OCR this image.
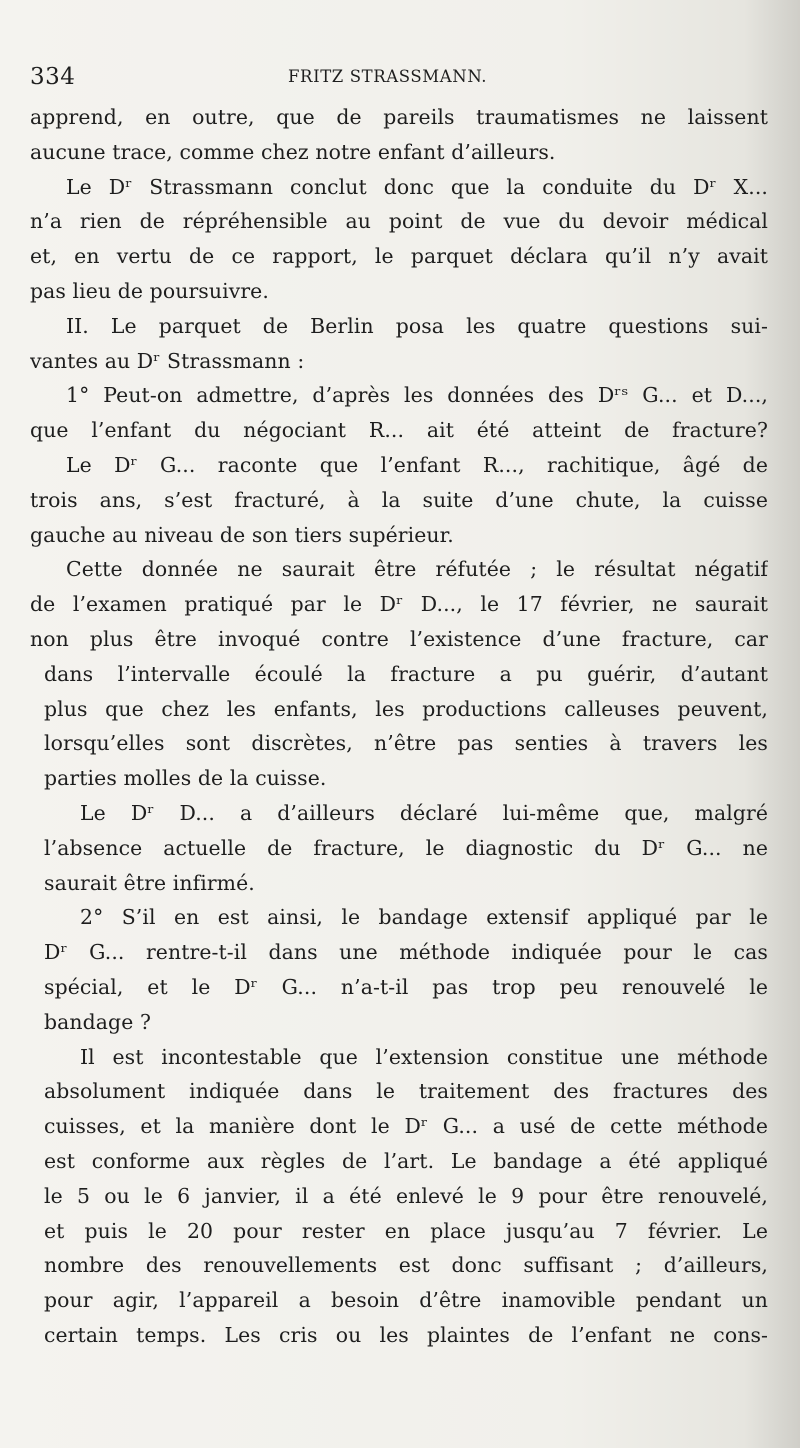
334	FRITZ STRASSMANN.
apprend, en outre, que de pareils traumatismes ne laissent
aucune trace, comme chez notre enfant d’ailleurs.
Le Dʳ Strassmann conclut donc que la conduite du Dʳ X...
n’a rien de répréhensible au point de vue du devoir médical
et, en vertu de ce rapport, le parquet déclara qu’il n’y avait
pas lieu de poursuivre.
II. Le parquet de Berlin posa les quatre questions sui-
vantes au Dʳ Strassmann :
1° Peut-on admettre, d’après les données des Dʳˢ G... et D...,
que l’enfant du négociant R... ait été atteint de fracture?
Le Dʳ G... raconte que l’enfant R..., rachitique, âgé de
trois ans, s’est fracturé, à la suite d’une chute, la cuisse
gauche au niveau de son tiers supérieur.
Cette donnée ne saurait être réfutée ; le résultat négatif
de l’examen pratiqué par le Dʳ D..., le 17 février, ne saurait
non plus être invoqué contre l’existence d’une fracture, car
dans l’intervalle écoulé la fracture a pu guérir, d’autant
plus que chez les enfants, les productions calleuses peuvent,
lorsqu’elles sont discrètes, n’être pas senties à travers les
parties molles de la cuisse.
Le Dʳ D... a d’ailleurs déclaré lui-même que, malgré
l’absence actuelle de fracture, le diagnostic du Dʳ G... ne
saurait être infirmé.
2° S’il en est ainsi, le bandage extensif appliqué par le
Dʳ G... rentre-t-il dans une méthode indiquée pour le cas
spécial, et le Dʳ G... n’a-t-il pas trop peu renouvelé le
bandage ?
Il est incontestable que l’extension constitue une méthode
absolument indiquée dans le traitement des fractures des
cuisses, et la manière dont le Dʳ G... a usé de cette méthode
est conforme aux règles de l’art. Le bandage a été appliqué
le 5 ou le 6 janvier, il a été enlevé le 9 pour être renouvelé,
et puis le 20 pour rester en place jusqu’au 7 février. Le
nombre des renouvellements est donc suffisant ; d’ailleurs,
pour agir, l’appareil a besoin d’être inamovible pendant un
certain temps. Les cris ou les plaintes de l’enfant ne cons-
